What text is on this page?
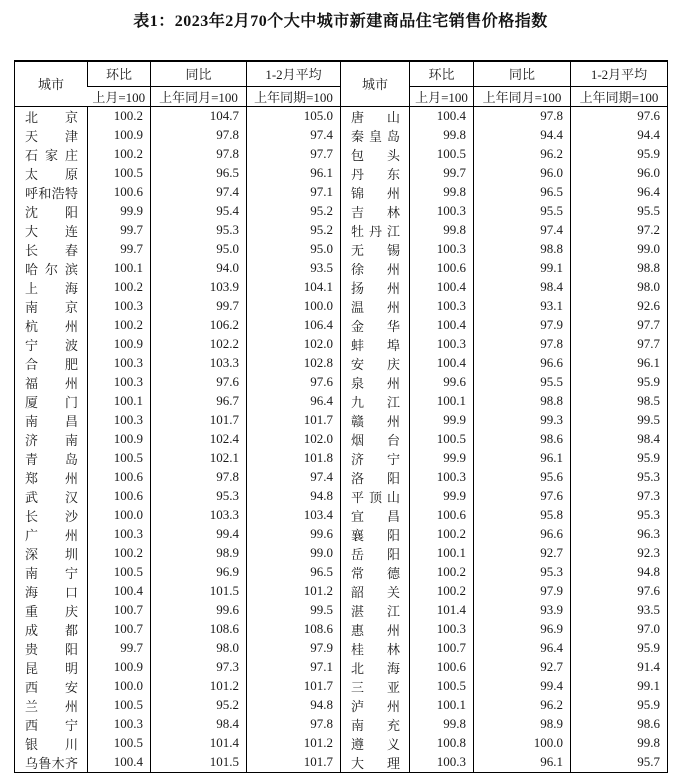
表1：2023年2月70个大中城市新建商品住宅销售价格指数
城市	环比	同比	1-2月平均	城市	环比	同比	1-2月平均
	上月=100	上年同月=100	上年同期=100		上月=100	上年同月=100	上年同期=100
北京	100.2	104.7	105.0	唐山	100.4	97.8	97.6
天津	100.9	97.8	97.4	秦皇岛	99.8	94.4	94.4
石家庄	100.2	97.8	97.7	包头	100.5	96.2	95.9
太原	100.5	96.5	96.1	丹东	99.7	96.0	96.0
呼和浩特	100.6	97.4	97.1	锦州	99.8	96.5	96.4
沈阳	99.9	95.4	95.2	吉林	100.3	95.5	95.5
大连	99.7	95.3	95.2	牡丹江	99.8	97.4	97.2
长春	99.7	95.0	95.0	无锡	100.3	98.8	99.0
哈尔滨	100.1	94.0	93.5	徐州	100.6	99.1	98.8
上海	100.2	103.9	104.1	扬州	100.4	98.4	98.0
南京	100.3	99.7	100.0	温州	100.3	93.1	92.6
杭州	100.2	106.2	106.4	金华	100.4	97.9	97.7
宁波	100.9	102.2	102.0	蚌埠	100.3	97.8	97.7
合肥	100.3	103.3	102.8	安庆	100.4	96.6	96.1
福州	100.3	97.6	97.6	泉州	99.6	95.5	95.9
厦门	100.1	96.7	96.4	九江	100.1	98.8	98.5
南昌	100.3	101.7	101.7	赣州	99.9	99.3	99.5
济南	100.9	102.4	102.0	烟台	100.5	98.6	98.4
青岛	100.5	102.1	101.8	济宁	99.9	96.1	95.9
郑州	100.6	97.8	97.4	洛阳	100.3	95.6	95.3
武汉	100.6	95.3	94.8	平顶山	99.9	97.6	97.3
长沙	100.0	103.3	103.4	宜昌	100.6	95.8	95.3
广州	100.3	99.4	99.6	襄阳	100.2	96.6	96.3
深圳	100.2	98.9	99.0	岳阳	100.1	92.7	92.3
南宁	100.5	96.9	96.5	常德	100.2	95.3	94.8
海口	100.4	101.5	101.2	韶关	100.2	97.9	97.6
重庆	100.7	99.6	99.5	湛江	101.4	93.9	93.5
成都	100.7	108.6	108.6	惠州	100.3	96.9	97.0
贵阳	99.7	98.0	97.9	桂林	100.7	96.4	95.9
昆明	100.9	97.3	97.1	北海	100.6	92.7	91.4
西安	100.0	101.2	101.7	三亚	100.5	99.4	99.1
兰州	100.5	95.2	94.8	泸州	100.1	96.2	95.9
西宁	100.3	98.4	97.8	南充	99.8	98.9	98.6
银川	100.5	101.4	101.2	遵义	100.8	100.0	99.8
乌鲁木齐	100.4	101.5	101.7	大理	100.3	96.1	95.7
